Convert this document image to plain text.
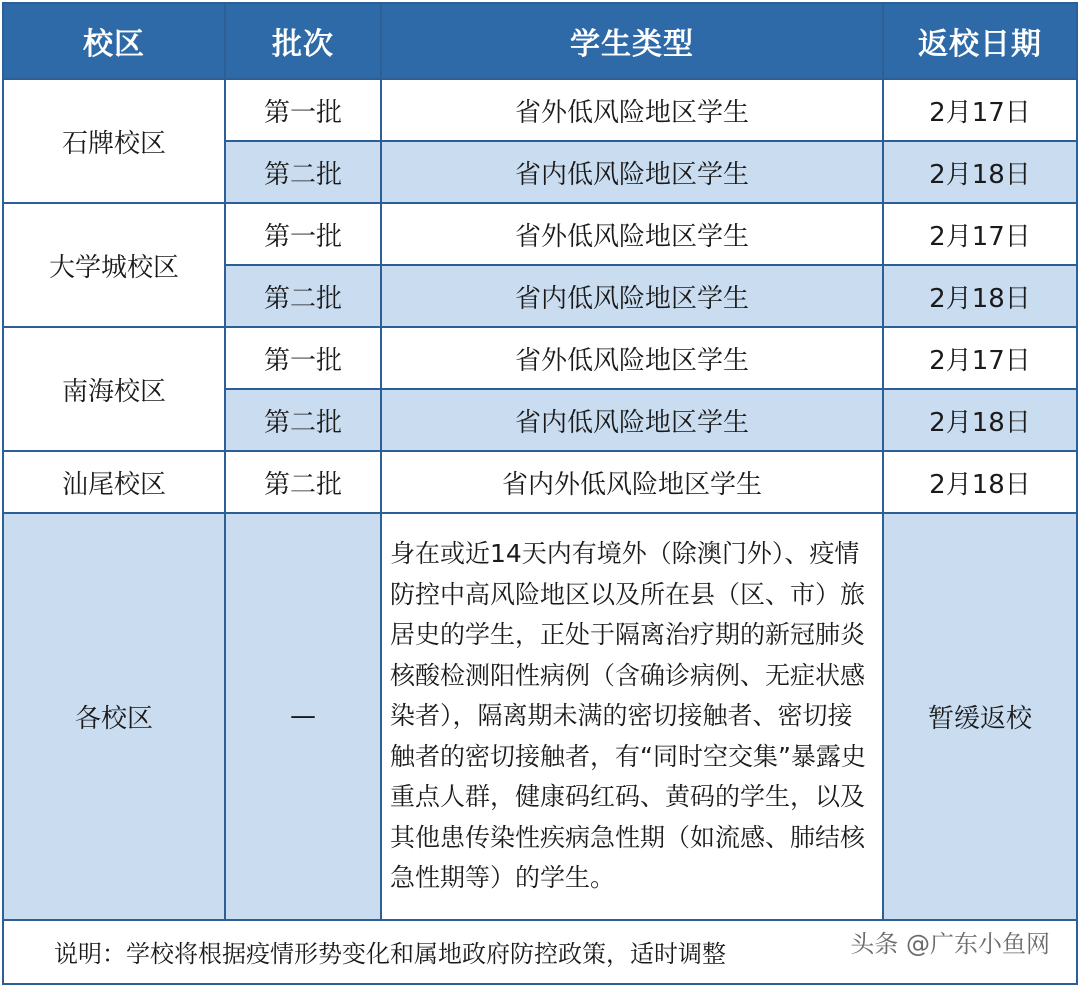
校区	批次	学生类型	返校日期
石牌校区	第一批	省外低风险地区学生	2月17日
	第二批	省内低风险地区学生	2月18日
大学城校区	第一批	省外低风险地区学生	2月17日
	第二批	省内低风险地区学生	2月18日
南海校区	第一批	省外低风险地区学生	2月17日
	第二批	省内低风险地区学生	2月18日
汕尾校区	第二批	省内外低风险地区学生	2月18日
各校区	—	身在或近14天内有境外（除澳门外）、疫情防控中高风险地区以及所在县（区、市）旅居史的学生，正处于隔离治疗期的新冠肺炎核酸检测阳性病例（含确诊病例、无症状感染者），隔离期未满的密切接触者、密切接触者的密切接触者，有“同时空交集”暴露史重点人群，健康码红码、黄码的学生，以及其他患传染性疾病急性期（如流感、肺结核急性期等）的学生。	暂缓返校
说明：学校将根据疫情形势变化和属地政府防控政策，适时调整				头条 @广东小鱼网
